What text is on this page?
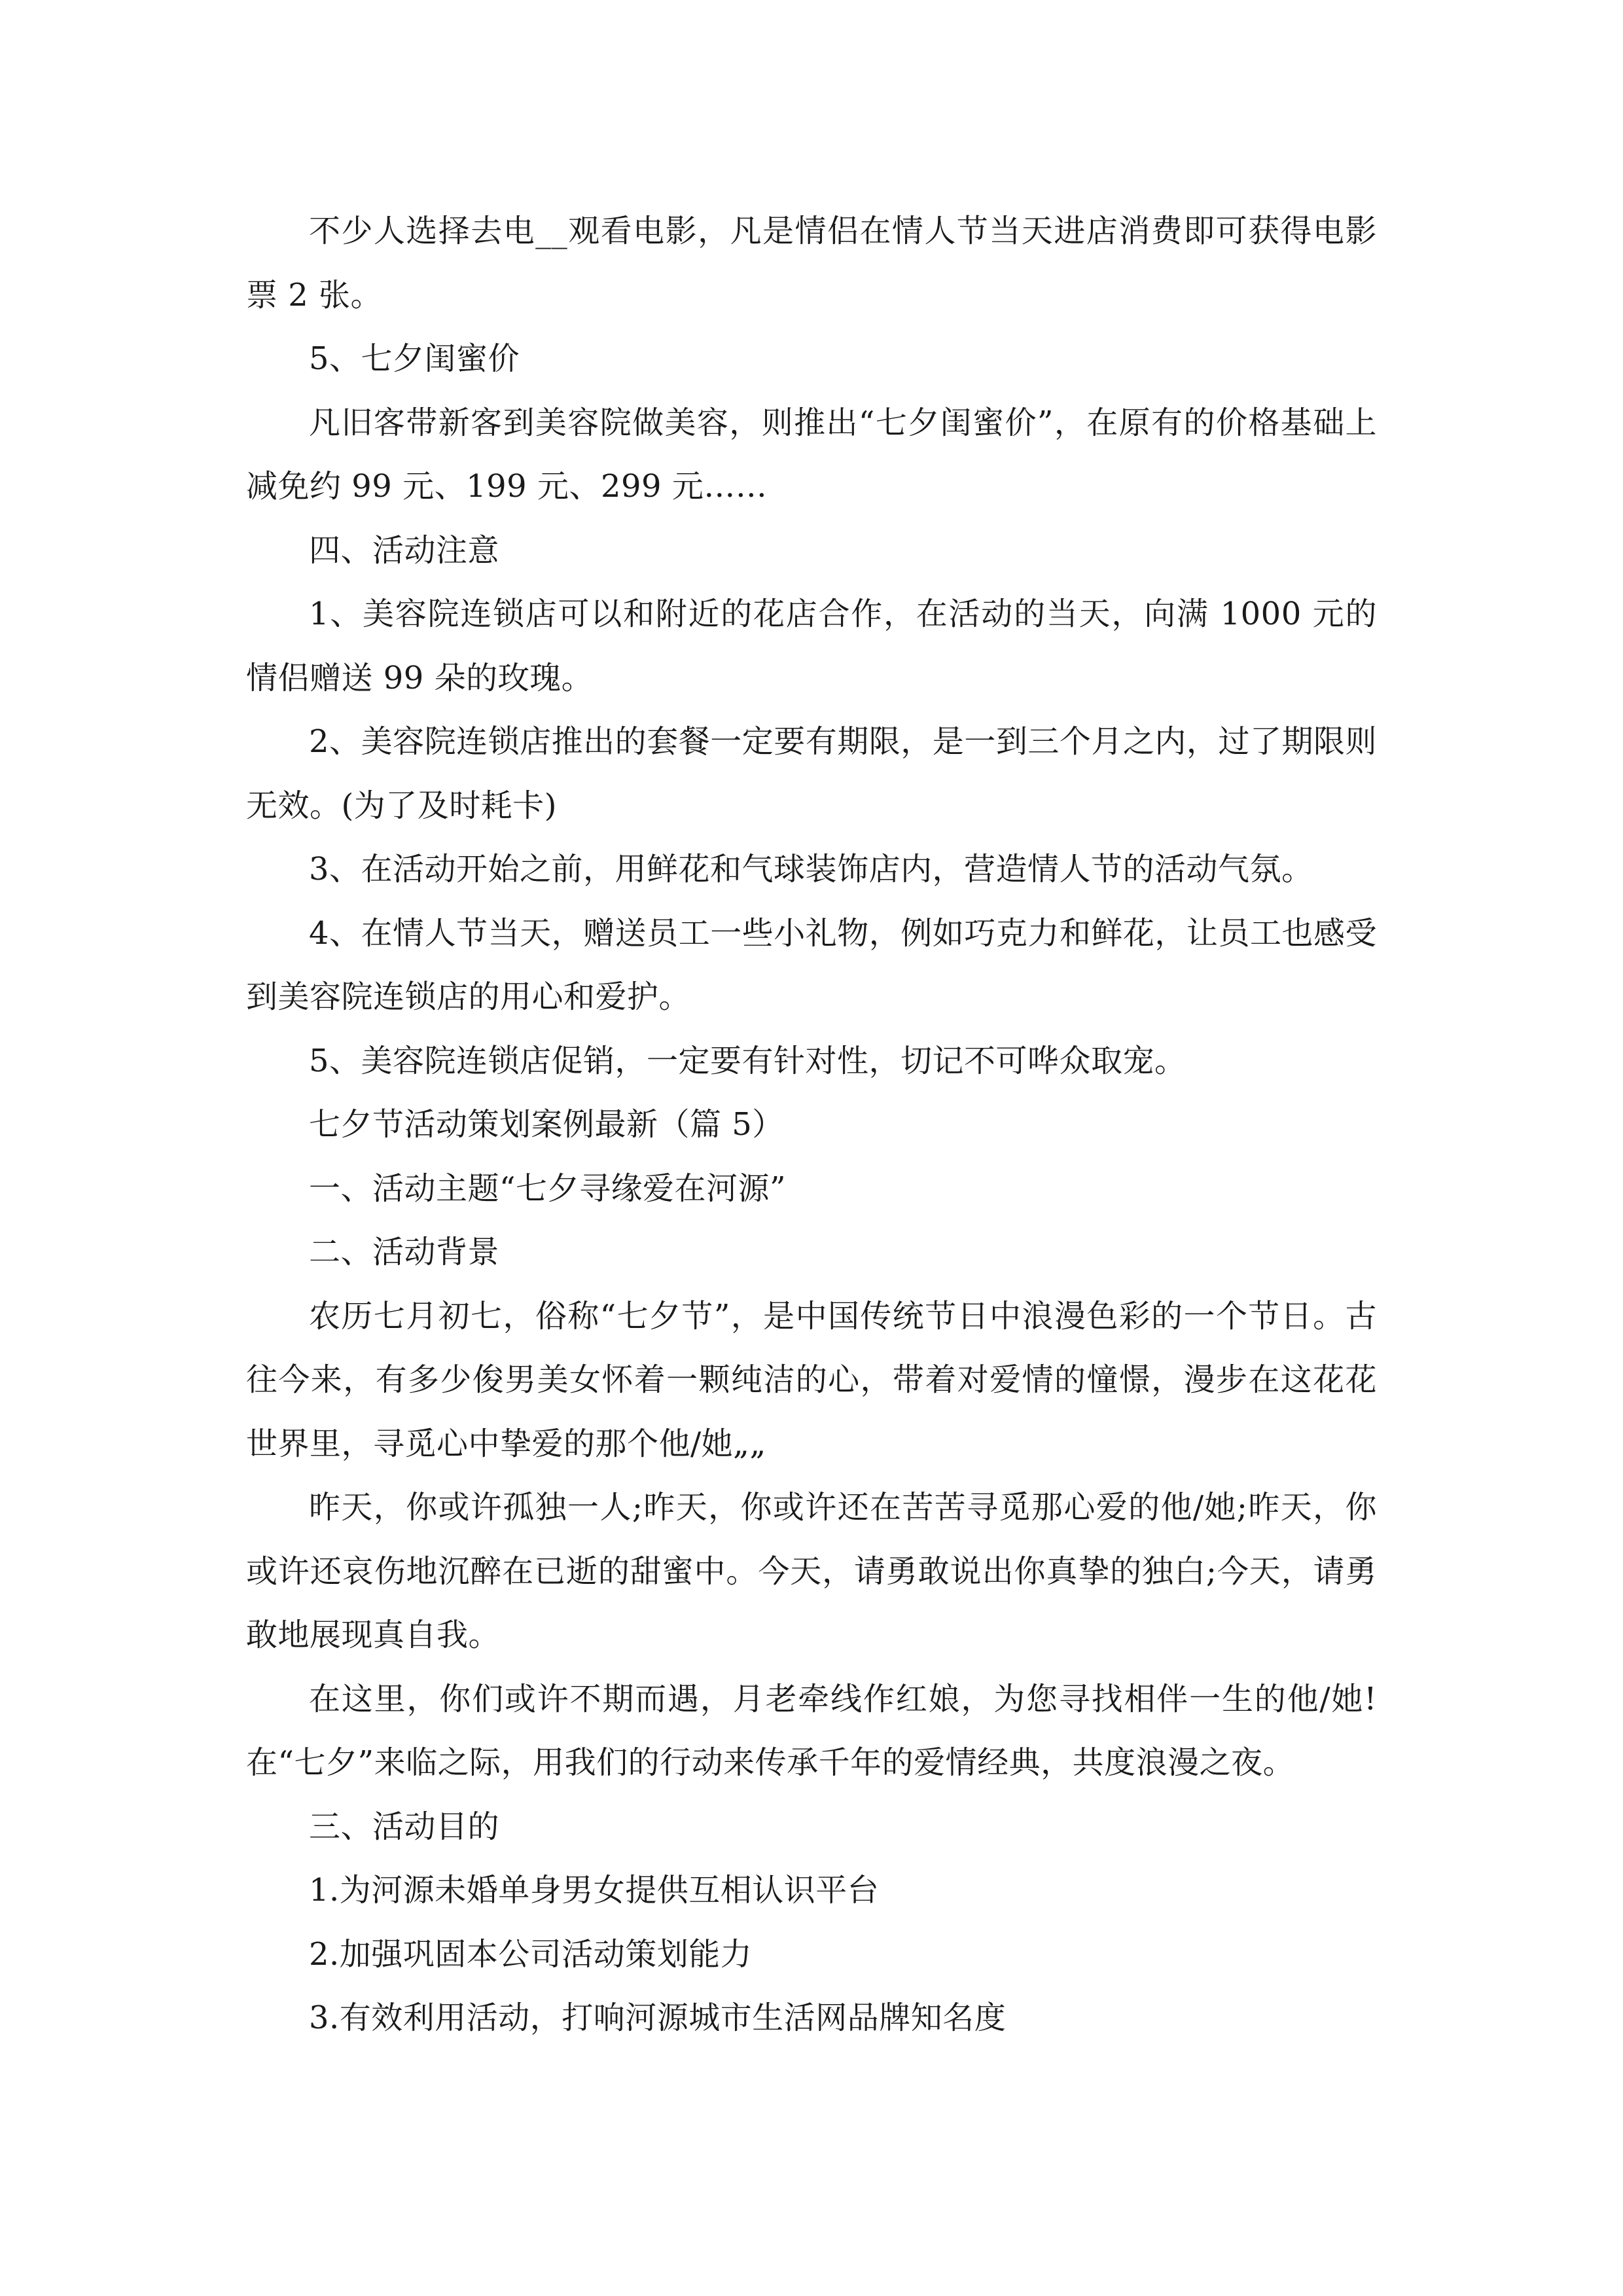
不少人选择去电__观看电影，凡是情侣在情人节当天进店消费即可获得电影票 2 张。

5、七夕闺蜜价

凡旧客带新客到美容院做美容，则推出“七夕闺蜜价”，在原有的价格基础上减免约 99 元、199 元、299 元……

四、活动注意

1、美容院连锁店可以和附近的花店合作，在活动的当天，向满 1000 元的情侣赠送 99 朵的玫瑰。

2、美容院连锁店推出的套餐一定要有期限，是一到三个月之内，过了期限则无效。(为了及时耗卡)

3、在活动开始之前，用鲜花和气球装饰店内，营造情人节的活动气氛。

4、在情人节当天，赠送员工一些小礼物，例如巧克力和鲜花，让员工也感受到美容院连锁店的用心和爱护。

5、美容院连锁店促销，一定要有针对性，切记不可哗众取宠。

七夕节活动策划案例最新（篇 5）

一、活动主题“七夕寻缘爱在河源”

二、活动背景

农历七月初七，俗称“七夕节”，是中国传统节日中浪漫色彩的一个节日。古往今来，有多少俊男美女怀着一颗纯洁的心，带着对爱情的憧憬，漫步在这花花世界里，寻觅心中挚爱的那个他/她„„

昨天，你或许孤独一人;昨天，你或许还在苦苦寻觅那心爱的他/她;昨天，你或许还哀伤地沉醉在已逝的甜蜜中。今天，请勇敢说出你真挚的独白;今天，请勇敢地展现真自我。

在这里，你们或许不期而遇，月老牵线作红娘，为您寻找相伴一生的他/她!在“七夕”来临之际，用我们的行动来传承千年的爱情经典，共度浪漫之夜。

三、活动目的

1.为河源未婚单身男女提供互相认识平台

2.加强巩固本公司活动策划能力

3.有效利用活动，打响河源城市生活网品牌知名度
